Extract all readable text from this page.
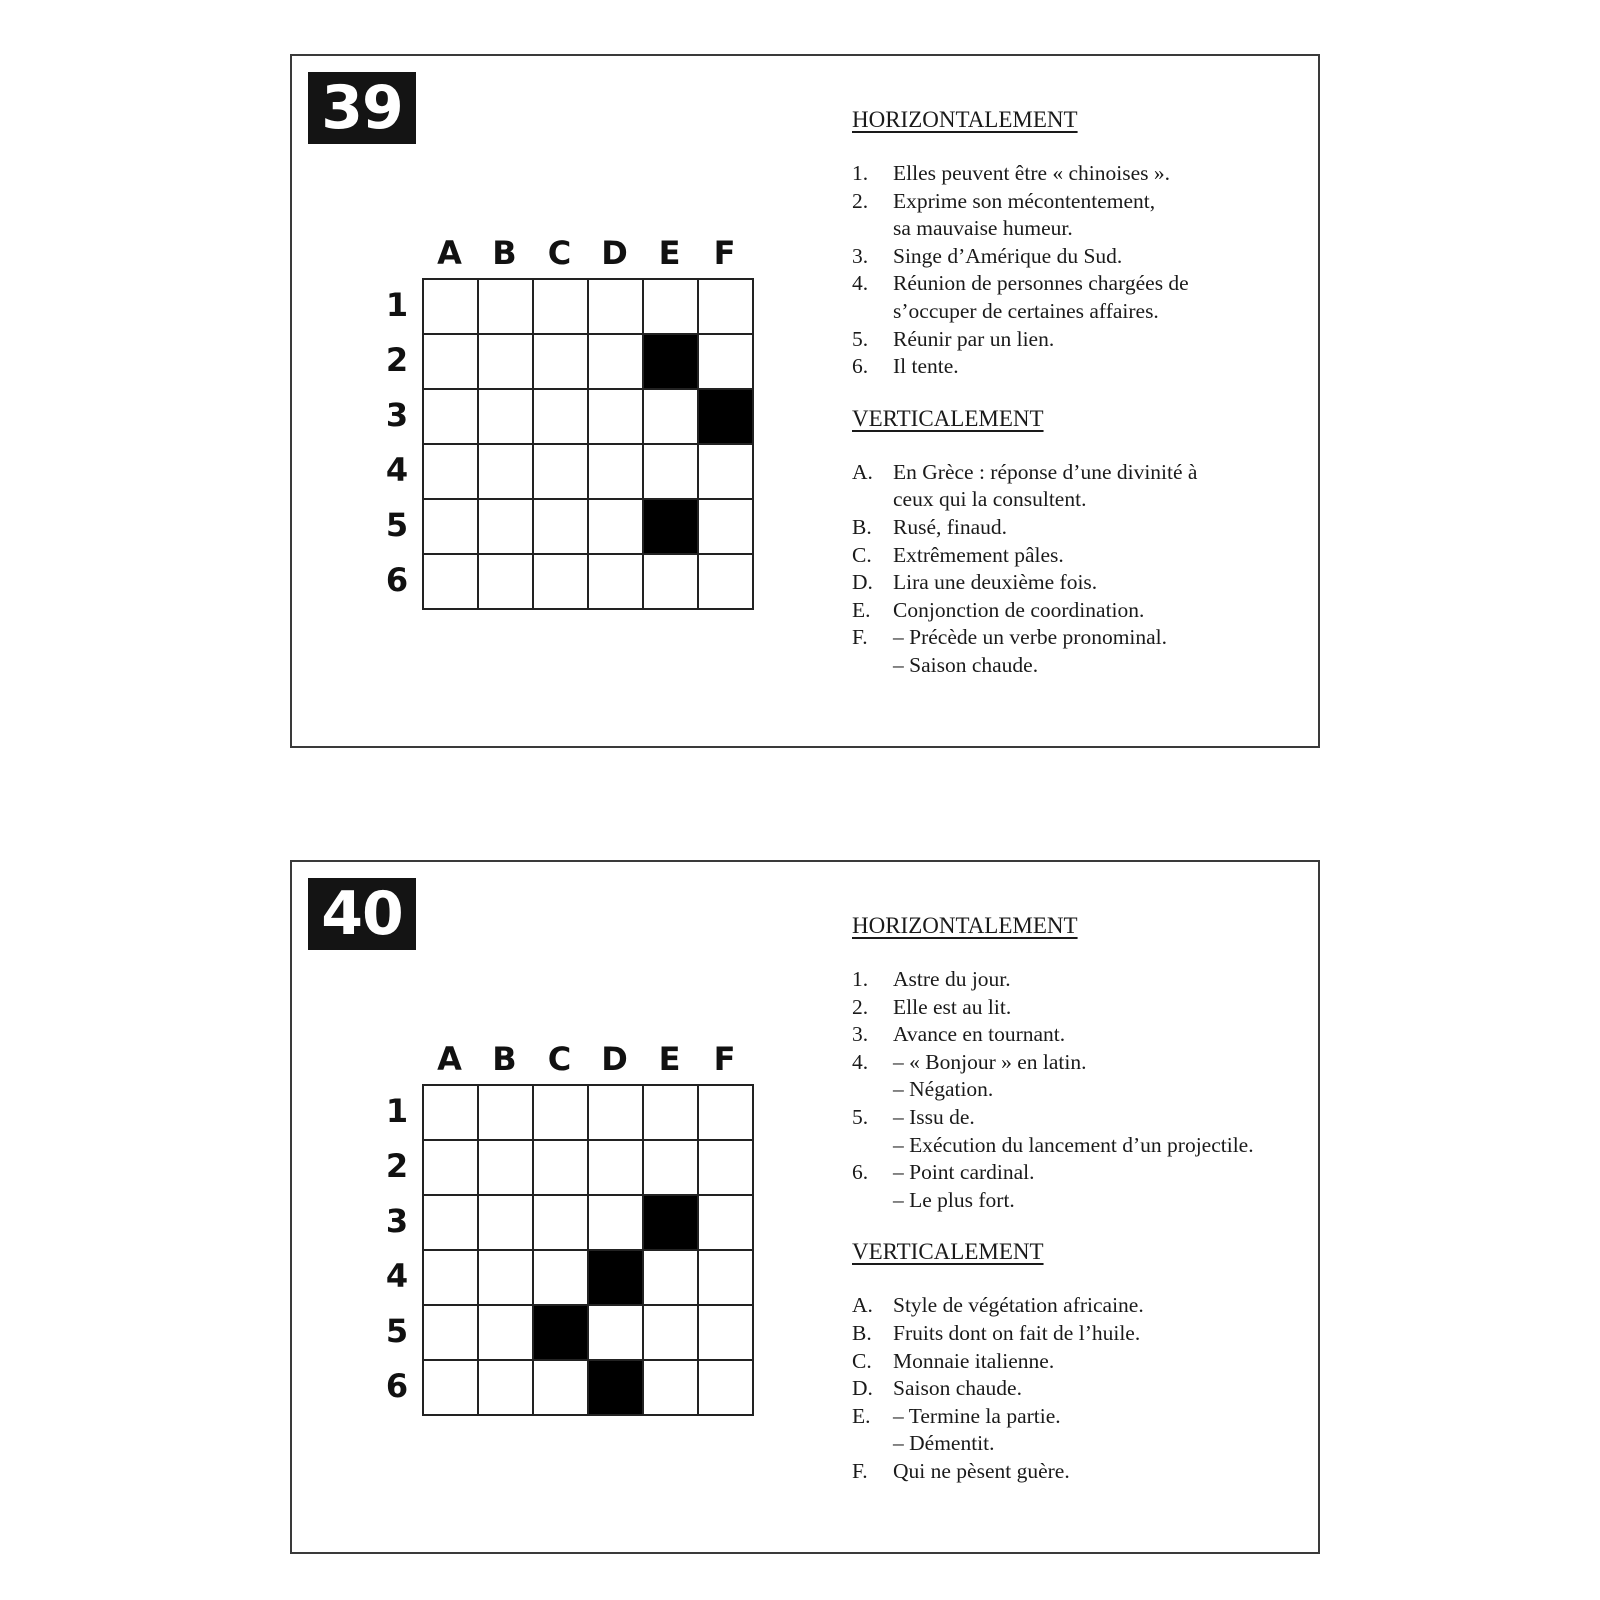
39
A B C D E	F
1
2
3
4
5
6
HORIZONTALEMENT
1.	Elles peuvent être « chinoises ».
2.	Exprime son mécontentement,
sa mauvaise humeur.
3.	Singe d’Amérique du Sud.
4.	Réunion de personnes chargées de
s’occuper de certaines affaires.
5.	Réunir par un lien.
6.	Il tente.
VERTICALEMENT
A. En Grèce : réponse d’une divinité à
ceux qui la consultent.
B. Rusé, finaud.
C. Extrêmement pâles.
D. Lira une deuxième fois.
E.	Conjonction de coordination.
F.	– Précède un verbe pronominal.
– Saison chaude.
40
A B C D E	F
1
2
3
4
5
6
HORIZONTALEMENT
1.	Astre du jour.
2.	Elle est au lit.
3.	Avance en tournant.
4.	– « Bonjour » en latin.
– Négation.
5.	– Issu de.
– Exécution du lancement d’un projectile.
6.	– Point cardinal.
– Le plus fort.
VERTICALEMENT
A. Style de végétation africaine.
B. Fruits dont on fait de l’huile.
C. Monnaie italienne.
D. Saison chaude.
E.	– Termine la partie.
– Démentit.
F.	Qui ne pèsent guère.
